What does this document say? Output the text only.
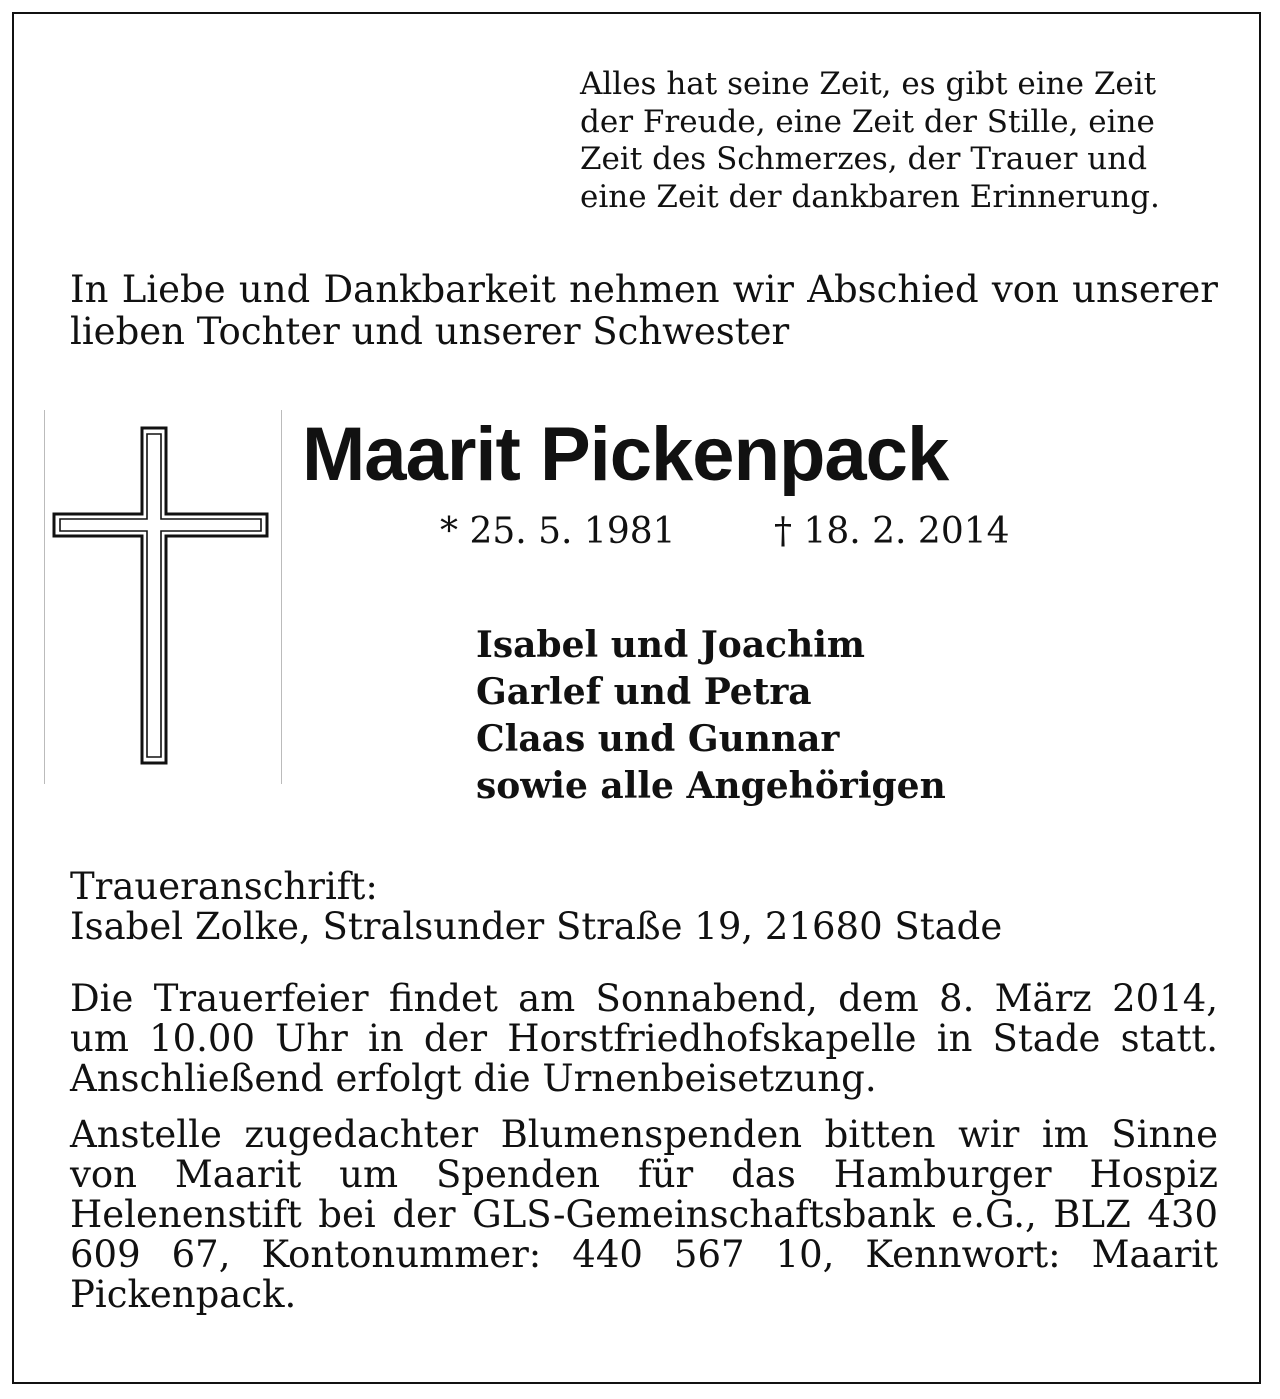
Alles hat seine Zeit, es gibt eine Zeit
der Freude, eine Zeit der Stille, eine
Zeit des Schmerzes, der Trauer und
eine Zeit der dankbaren Erinnerung.
In Liebe und Dankbarkeit nehmen wir Abschied von unserer lieben Tochter und unserer Schwester
Maarit Pickenpack
* 25. 5. 1981	† 18. 2. 2014
Isabel und Joachim
Garlef und Petra
Claas und Gunnar
sowie alle Angehörigen
Traueranschrift:
Isabel Zolke, Stralsunder Straße 19, 21680 Stade
Die Trauerfeier findet am Sonnabend, dem 8. März 2014, um 10.00 Uhr in der Horstfriedhofskapelle in Stade statt. Anschließend erfolgt die Urnenbeisetzung.
Anstelle zugedachter Blumenspenden bitten wir im Sinne von Maarit um Spenden für das Hamburger Hospiz Helenenstift bei der GLS-Gemeinschaftsbank e.G., BLZ 430 609 67, Kontonummer: 440 567 10, Kennwort: Maarit Pickenpack.
